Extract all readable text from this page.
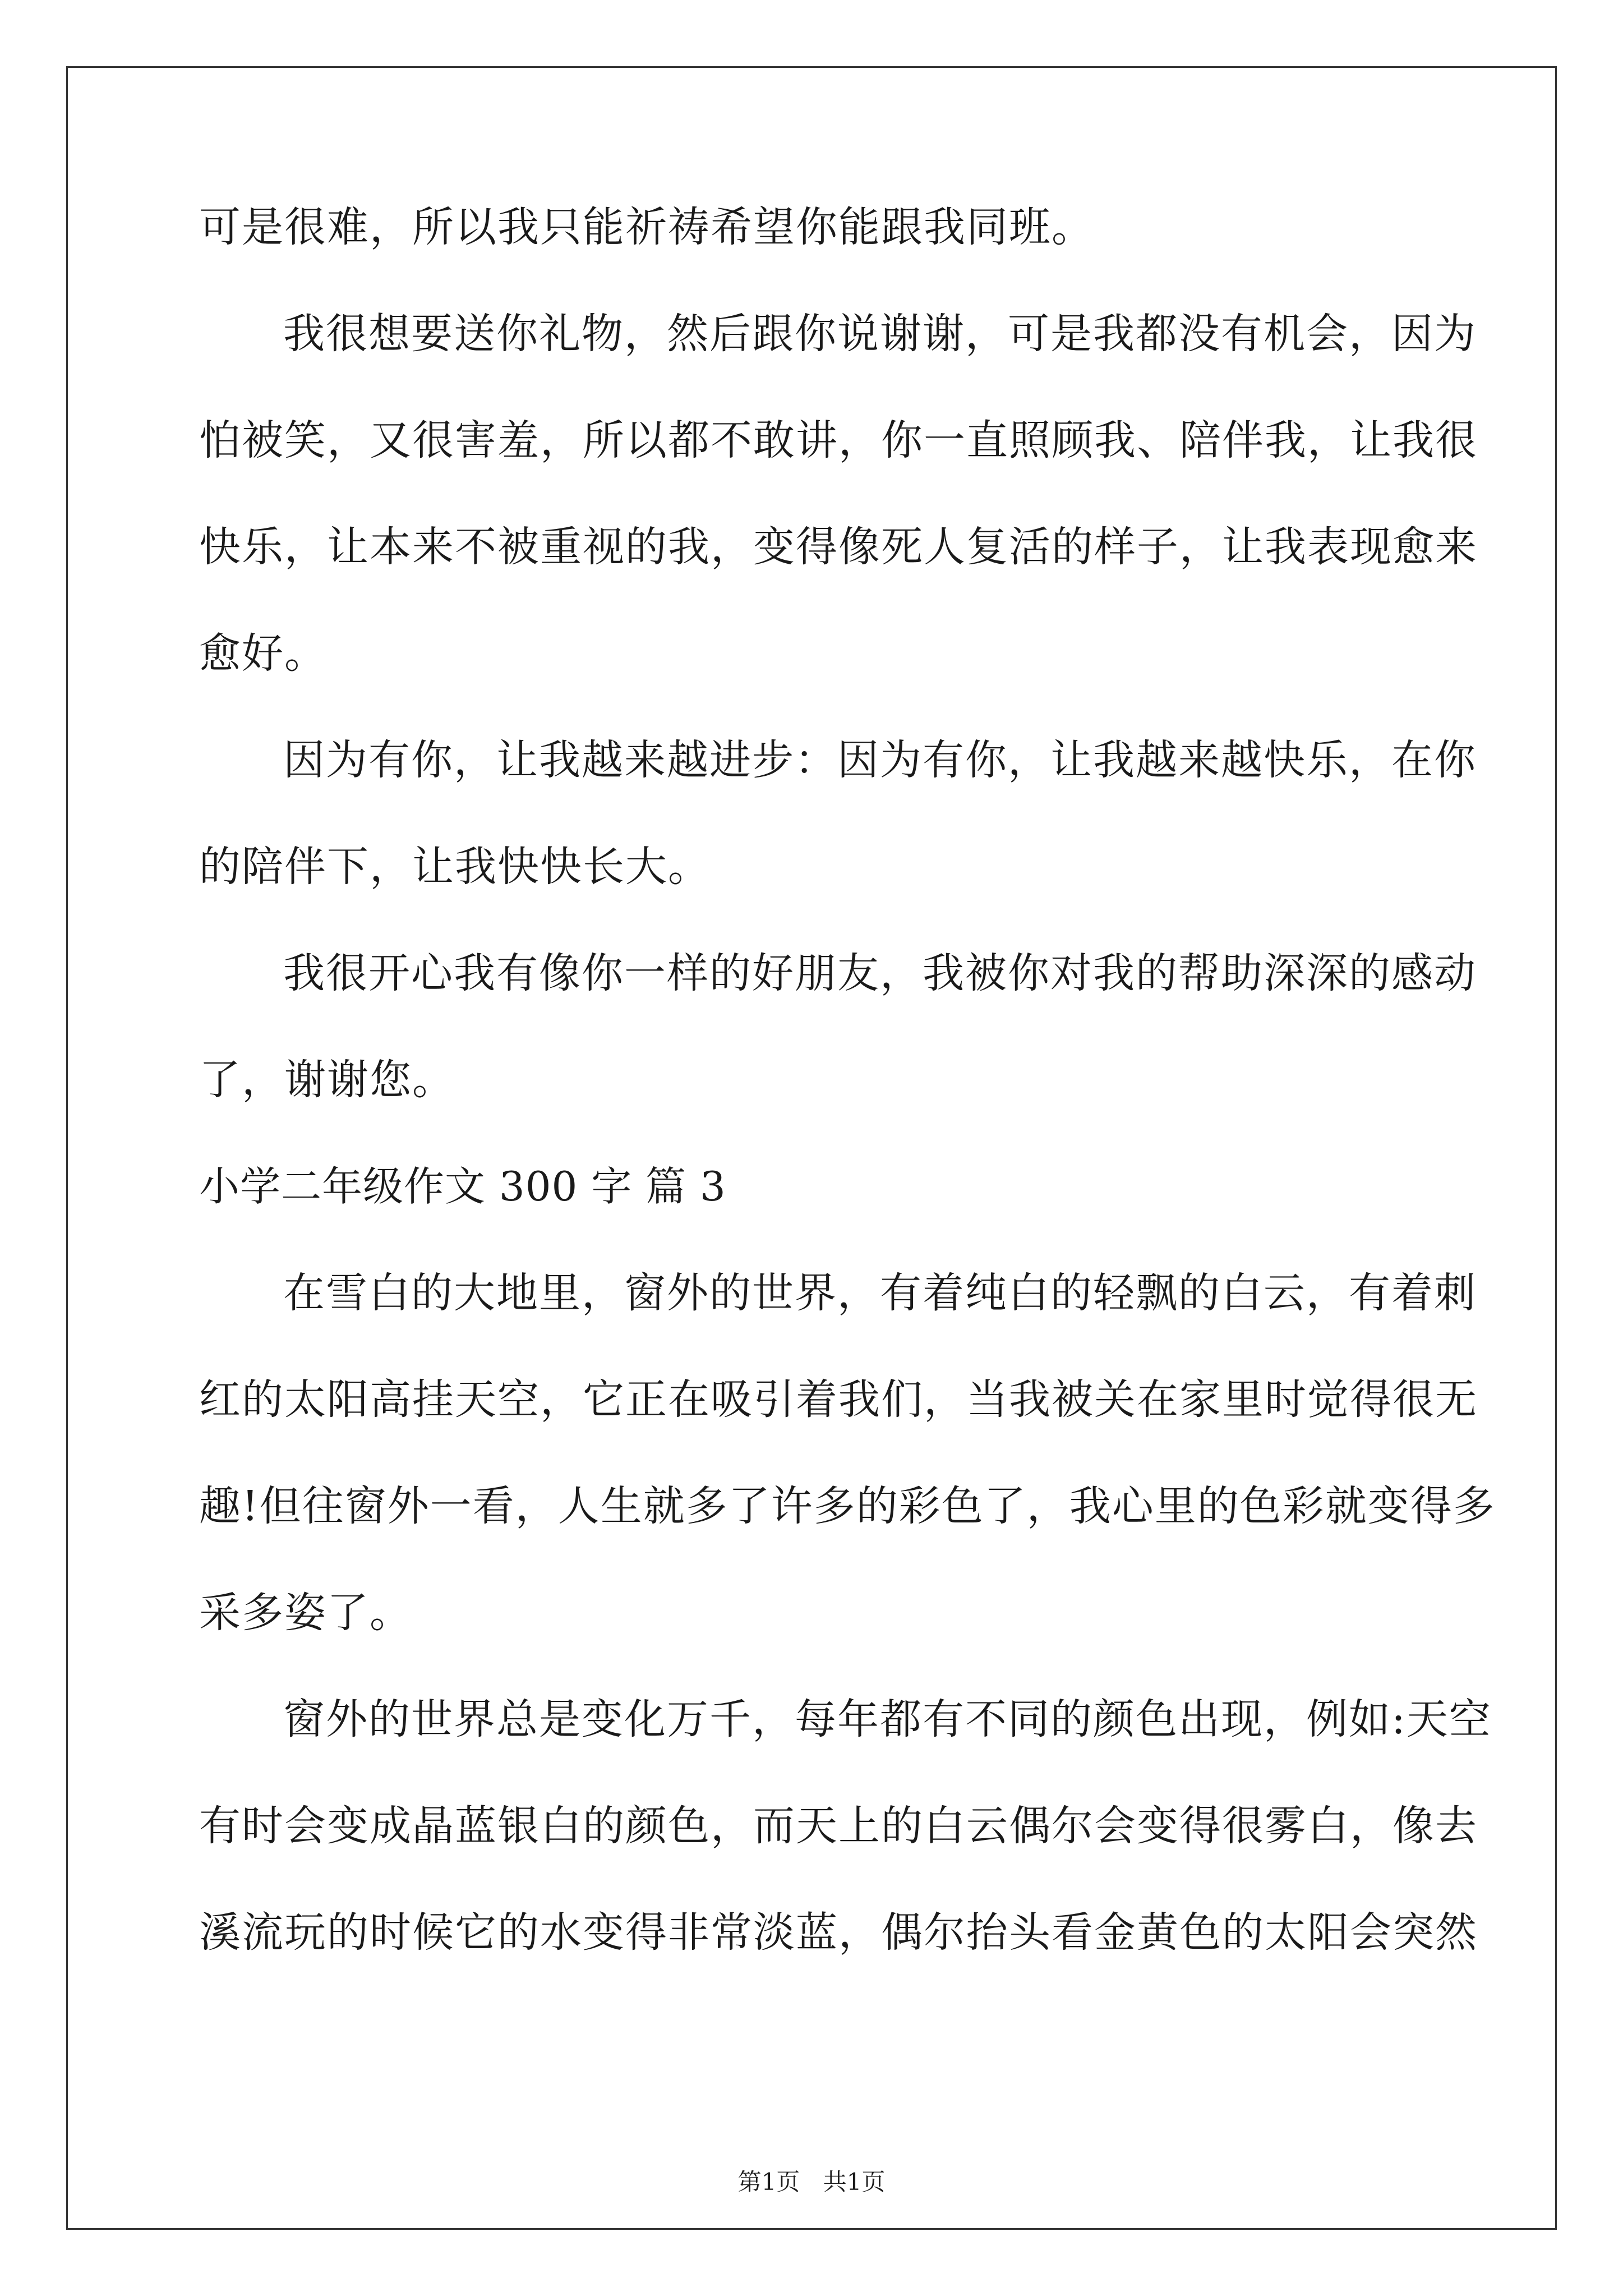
可是很难，所以我只能祈祷希望你能跟我同班。
我很想要送你礼物，然后跟你说谢谢，可是我都没有机会，因为
怕被笑，又很害羞，所以都不敢讲，你一直照顾我、陪伴我，让我很
快乐，让本来不被重视的我，变得像死人复活的样子，让我表现愈来
愈好。
因为有你，让我越来越进步：因为有你，让我越来越快乐，在你
的陪伴下，让我快快长大。
我很开心我有像你一样的好朋友，我被你对我的帮助深深的感动
了，谢谢您。
小学二年级作文 300 字 篇 3
在雪白的大地里，窗外的世界，有着纯白的轻飘的白云，有着刺
红的太阳高挂天空，它正在吸引着我们，当我被关在家里时觉得很无
趣!但往窗外一看，人生就多了许多的彩色了，我心里的色彩就变得多
采多姿了。
窗外的世界总是变化万千，每年都有不同的颜色出现，例如:天空
有时会变成晶蓝银白的颜色，而天上的白云偶尔会变得很雾白，像去
溪流玩的时候它的水变得非常淡蓝，偶尔抬头看金黄色的太阳会突然
第1页 共1页
